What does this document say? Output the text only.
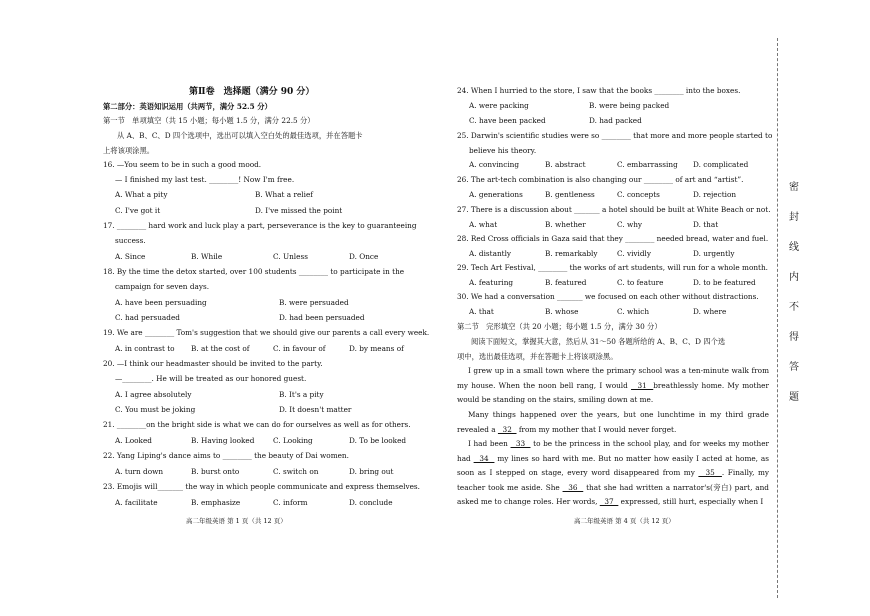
第Ⅱ卷　选择题（满分 90 分）
第二部分：英语知识运用（共两节，满分 52.5 分）
第一节　单项填空（共 15 小题；每小题 1.5 分，满分 22.5 分）
从 A、B、C、D 四个选项中，选出可以填入空白处的最佳选项，并在答题卡
上将该项涂黑。
16. —You seem to be in such a good mood.
— I finished my last test. ________! Now I'm free.
A. What a pity	B. What a relief
C. I've got it	D. I've missed the point
17. ________ hard work and luck play a part, perseverance is the key to guaranteeing
success.
A. Since	B. While	C. Unless	D. Once
18. By the time the detox started, over 100 students ________ to participate in the
campaign for seven days.
A. have been persuading	B. were persuaded
C. had persuaded	D. had been persuaded
19. We are ________ Tom's suggestion that we should give our parents a call every week.
A. in contrast to B. at the cost of	C. in favour of	D. by means of
20. —I think our headmaster should be invited to the party.
—________. He will be treated as our honored guest.
A. I agree absolutely	B. It's a pity
C. You must be joking	D. It doesn't matter
21. ________on the bright side is what we can do for ourselves as well as for others.
A. Looked	B. Having looked	C. Looking	D. To be looked
22. Yang Liping's dance aims to ________ the beauty of Dai women.
A. turn down	B. burst onto	C. switch on	D. bring out
23. Emojis will_______ the way in which people communicate and express themselves.
A. facilitate	B. emphasize	C. inform	D. conclude
24. When I hurried to the store, I saw that the books ________ into the boxes.
A. were packing	B. were being packed
C. have been packed	D. had packed
25. Darwin's scientific studies were so ________ that more and more people started to
believe his theory.
A. convincing	B. abstract	C. embarrassing D. complicated
26. The art-tech combination is also changing our ________ of art and “artist”.
A. generations	B. gentleness	C. concepts	D. rejection
27. There is a discussion about _______ a hotel should be built at White Beach or not.
A. what	B. whether	C. why	D. that
28. Red Cross officials in Gaza said that they ________ needed bread, water and fuel.
A. distantly	B. remarkably	C. vividly	D. urgently
29. Tech Art Festival, ________ the works of art students, will run for a whole month.
A. featuring	B. featured	C. to feature	D. to be featured
30. We had a conversation _______ we focused on each other without distractions.
A. that	B. whose	C. which	D. where
第二节　完形填空（共 20 小题；每小题 1.5 分，满分 30 分）
阅读下面短文，掌握其大意，然后从 31～50 各题所给的 A、B、C、D 四个选
项中，选出最佳选项，并在答题卡上将该项涂黑。
  I grew up in a small town where the primary school was a ten-minute walk from my house. When the noon bell rang, I would   31  breathlessly home. My mother would be standing on the stairs, smiling down at me.
  Many things happened over the years, but one lunchtime in my third grade revealed a   32   from my mother that I would never forget.
  I had been   33   to be the princess in the school play, and for weeks my mother had   34   my lines so hard with me. But no matter how easily I acted at home, as soon as I stepped on stage, every word disappeared from my   35  . Finally, my teacher took me aside. She   36   that she had written a narrator's(旁白) part, and asked me to change roles. Her words,   37   expressed, still hurt, especially when I
高二年级英语 第 1 页（共 12 页）	高二年级英语 第 4 页（共 12 页）
密
封
线
内
不
得
答
题
